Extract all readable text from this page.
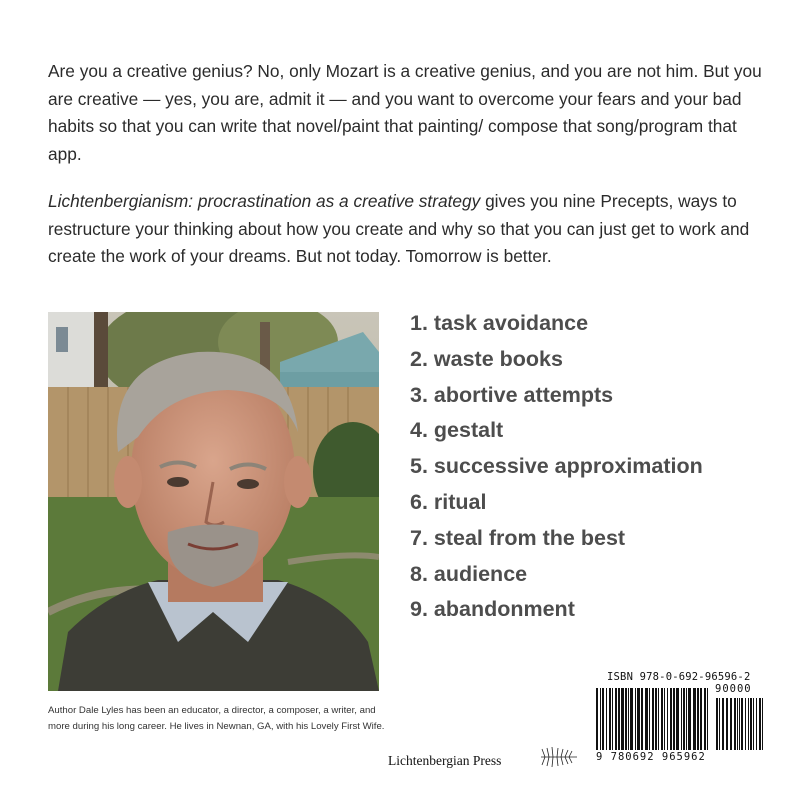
Are you a creative genius? No, only Mozart is a creative genius, and you are not him. But you are creative — yes, you are, admit it — and you want to overcome your fears and your bad habits so that you can write that novel/paint that painting/ compose that song/program that app.

Lichtenbergianism: procrastination as a creative strategy gives you nine Precepts, ways to restructure your thinking about how you create and why so that you can just get to work and create the work of your dreams. But not today. Tomorrow is better.

Author Dale Lyles has been an educator, a director, a composer, a writer, and more during his long career. He lives in Newnan, GA, with his Lovely First Wife.
1. task avoidance
2. waste books
3. abortive attempts
4. gestalt
5. successive approximation
6. ritual
7. steal from the best
8. audience
9. abandonment
ISBN 978-0-692-96596-2
90000
9 780692 965962
Lichtenbergian Press
